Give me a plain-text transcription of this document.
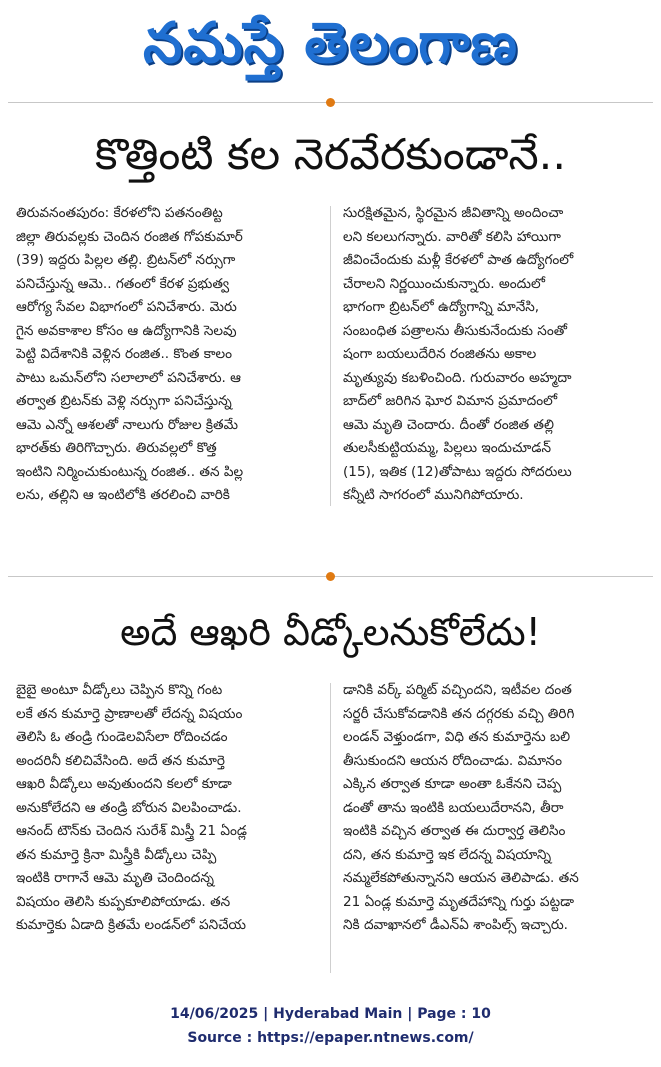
నమస్తే తెలంగాణ
కొత్తింటి కల నెరవేరకుండానే..
తిరువనంతపురం: కేరళలోని పతనంతిట్ట
జిల్లా తిరువల్లకు చెందిన రంజిత గోపకుమార్
(39) ఇద్దరు పిల్లల తల్లి. బ్రిటన్‌లో నర్సుగా
పనిచేస్తున్న ఆమె.. గతంలో కేరళ ప్రభుత్వ
ఆరోగ్య సేవల విభాగంలో పనిచేశారు. మెరు
గైన అవకాశాల కోసం ఆ ఉద్యోగానికి సెలవు
పెట్టి విదేశానికి వెళ్లిన రంజిత.. కొంత కాలం
పాటు ఒమన్‌లోని సలాలాలో పనిచేశారు. ఆ
తర్వాత బ్రిటన్‌కు వెళ్లి నర్సుగా పనిచేస్తున్న
ఆమె ఎన్నో ఆశలతో నాలుగు రోజుల క్రితమే
భారత్‌కు తిరిగొచ్చారు. తిరువల్లలో కొత్త
ఇంటిని నిర్మించుకుంటున్న రంజిత.. తన పిల్ల
లను, తల్లిని ఆ ఇంటిలోకి తరలించి వారికి
సురక్షితమైన, స్థిరమైన జీవితాన్ని అందించా
లని కలలుగన్నారు. వారితో కలిసి హాయిగా
జీవించేందుకు మళ్లీ కేరళలో పాత ఉద్యోగంలో
చేరాలని నిర్ణయించుకున్నారు. అందులో
భాగంగా బ్రిటన్‌లో ఉద్యోగాన్ని మానేసి,
సంబంధిత పత్రాలను తీసుకునేందుకు సంతో
షంగా బయలుదేరిన రంజితను అకాల
మృత్యువు కబళించింది. గురువారం అహ్మదా
బాద్‌లో జరిగిన ఘోర విమాన ప్రమాదంలో
ఆమె మృతి చెందారు. దీంతో రంజిత తల్లి
తులసీకుట్టియమ్మ, పిల్లలు ఇందుచూడన్
(15), ఇతిక (12)తోపాటు ఇద్దరు సోదరులు
కన్నీటి సాగరంలో మునిగిపోయారు.
అదే ఆఖరి వీడ్కోలనుకోలేదు!
బైబై అంటూ వీడ్కోలు చెప్పిన కొన్ని గంట
లకే తన కుమార్తె ప్రాణాలతో లేదన్న విషయం
తెలిసి ఓ తండ్రి గుండెలవిసేలా రోదించడం
అందరినీ కలిచివేసింది. అదే తన కుమార్తె
ఆఖరి వీడ్కోలు అవుతుందని కలలో కూడా
అనుకోలేదని ఆ తండ్రి బోరున విలపించాడు.
ఆనంద్ టౌన్‌కు చెందిన సురేశ్ మిస్త్రీ 21 ఏండ్ల
తన కుమార్తె క్రినా మిస్త్రీకి వీడ్కోలు చెప్పి
ఇంటికి రాగానే ఆమె మృతి చెందిందన్న
విషయం తెలిసి కుప్పకూలిపోయాడు. తన
కుమార్తెకు ఏడాది క్రితమే లండన్‌లో పనిచేయ
డానికి వర్క్ పర్మిట్ వచ్చిందని, ఇటీవల దంత
సర్జరీ చేసుకోవడానికి తన దగ్గరకు వచ్చి తిరిగి
లండన్ వెళ్తుండగా, విధి తన కుమార్తెను బలి
తీసుకుందని ఆయన రోదించాడు. విమానం
ఎక్కిన తర్వాత కూడా అంతా ఓకేనని చెప్ప
డంతో తాను ఇంటికి బయలుదేరానని, తీరా
ఇంటికి వచ్చిన తర్వాత ఈ దుర్వార్త తెలిసిం
దని, తన కుమార్తె ఇక లేదన్న విషయాన్ని
నమ్మలేకపోతున్నానని ఆయన తెలిపాడు. తన
21 ఏండ్ల కుమార్తె మృతదేహాన్ని గుర్తు పట్టడా
నికి దవాఖానలో డీఎన్ఏ శాంపిల్స్ ఇచ్చారు.
14/06/2025 | Hyderabad Main | Page : 10
Source : https://epaper.ntnews.com/
